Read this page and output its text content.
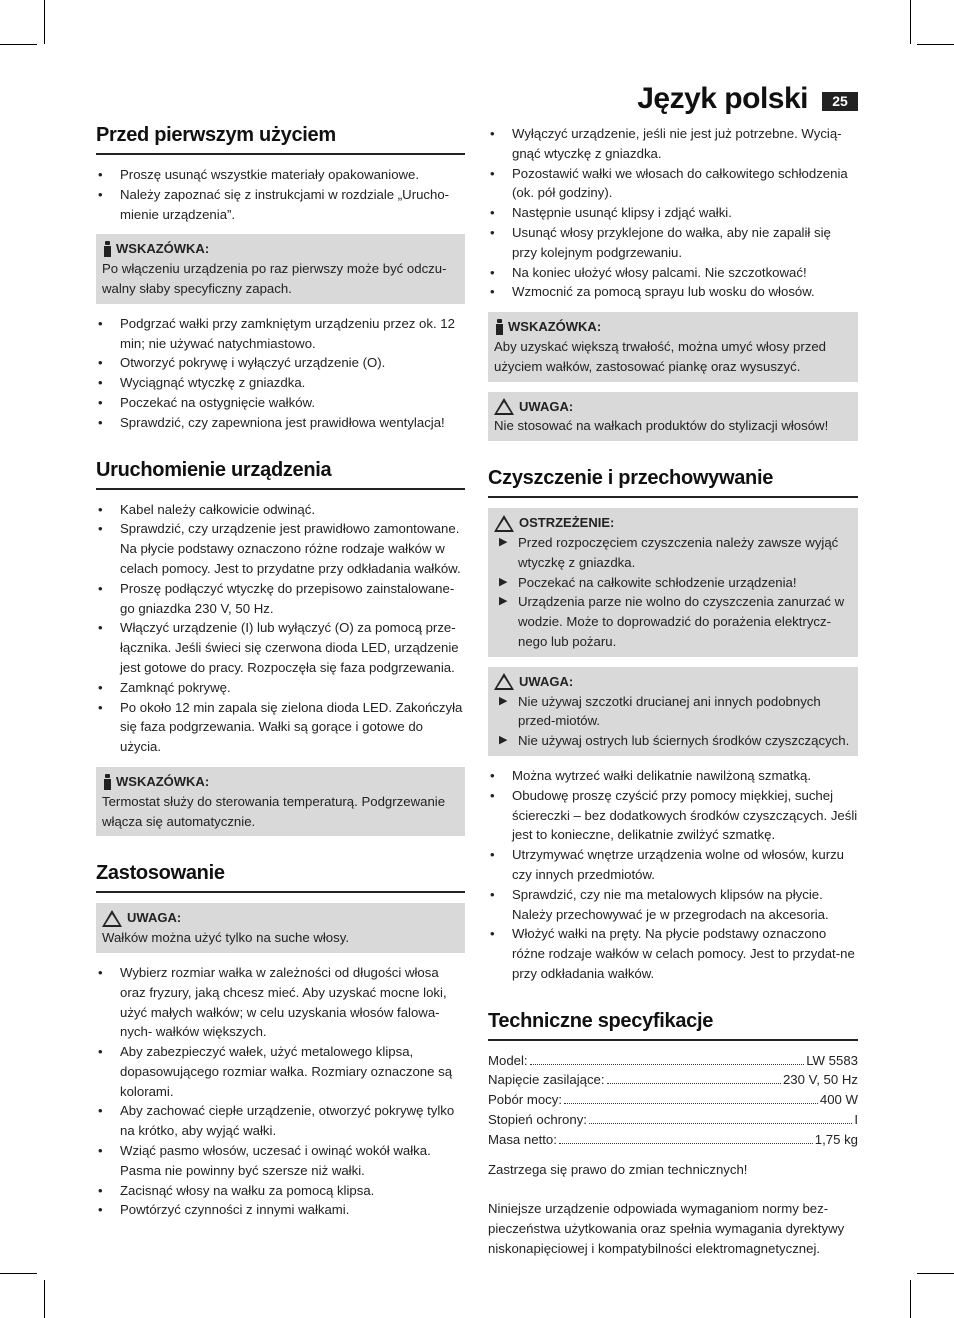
Język polski	25
Przed pierwszym użyciem
• Proszę usunąć wszystkie materiały opakowaniowe.
• Należy zapoznać się z instrukcjami w rozdziale „Urucho-mienie urządzenia”.
WSKAZÓWKA:
Po włączeniu urządzenia po raz pierwszy może być odczu-walny słaby specyficzny zapach.
• Podgrzać wałki przy zamkniętym urządzeniu przez ok. 12 min; nie używać natychmiastowo.
• Otworzyć pokrywę i wyłączyć urządzenie (O).
• Wyciągnąć wtyczkę z gniazdka.
• Poczekać na ostygnięcie wałków.
• Sprawdzić, czy zapewniona jest prawidłowa wentylacja!
Uruchomienie urządzenia
• Kabel należy całkowicie odwinąć.
• Sprawdzić, czy urządzenie jest prawidłowo zamontowane. Na płycie podstawy oznaczono różne rodzaje wałków w celach pomocy. Jest to przydatne przy odkładania wałków.
• Proszę podłączyć wtyczkę do przepisowo zainstalowane-go gniazdka 230 V, 50 Hz.
• Włączyć urządzenie (I) lub wyłączyć (O) za pomocą prze-łącznika. Jeśli świeci się czerwona dioda LED, urządzenie jest gotowe do pracy. Rozpoczęła się faza podgrzewania.
• Zamknąć pokrywę.
• Po około 12 min zapala się zielona dioda LED. Zakończyła się faza podgrzewania. Wałki są gorące i gotowe do użycia.
WSKAZÓWKA:
Termostat służy do sterowania temperaturą. Podgrzewanie włącza się automatycznie.
Zastosowanie
UWAGA:
Wałków można użyć tylko na suche włosy.
• Wybierz rozmiar wałka w zależności od długości włosa oraz fryzury, jaką chcesz mieć. Aby uzyskać mocne loki, użyć małych wałków; w celu uzyskania włosów falowa-nych- wałków większych.
• Aby zabezpieczyć wałek, użyć metalowego klipsa, dopasowującego rozmiar wałka. Rozmiary oznaczone są kolorami.
• Aby zachować ciepłe urządzenie, otworzyć pokrywę tylko na krótko, aby wyjąć wałki.
• Wziąć pasmo włosów, uczesać i owinąć wokół wałka. Pasma nie powinny być szersze niż wałki.
• Zacisnąć włosy na wałku za pomocą klipsa.
• Powtórzyć czynności z innymi wałkami.
• Wyłączyć urządzenie, jeśli nie jest już potrzebne. Wycią-gnąć wtyczkę z gniazdka.
• Pozostawić wałki we włosach do całkowitego schłodzenia (ok. pół godziny).
• Następnie usunąć klipsy i zdjąć wałki.
• Usunąć włosy przyklejone do wałka, aby nie zapalił się przy kolejnym podgrzewaniu.
• Na koniec ułożyć włosy palcami. Nie szczotkować!
• Wzmocnić za pomocą sprayu lub wosku do włosów.
WSKAZÓWKA:
Aby uzyskać większą trwałość, można umyć włosy przed użyciem wałków, zastosować piankę oraz wysuszyć.
UWAGA:
Nie stosować na wałkach produktów do stylizacji włosów!
Czyszczenie i przechowywanie
OSTRZEŻENIE:
▶ Przed rozpoczęciem czyszczenia należy zawsze wyjąć wtyczkę z gniazdka.
▶ Poczekać na całkowite schłodzenie urządzenia!
▶ Urządzenia parze nie wolno do czyszczenia zanurzać w wodzie. Może to doprowadzić do porażenia elektrycz-nego lub pożaru.
UWAGA:
▶ Nie używaj szczotki drucianej ani innych podobnych przed-miotów.
▶ Nie używaj ostrych lub ściernych środków czyszczących.
• Można wytrzeć wałki delikatnie nawilżoną szmatką.
• Obudowę proszę czyścić przy pomocy miękkiej, suchej ściereczki – bez dodatkowych środków czyszczących. Jeśli jest to konieczne, delikatnie zwilżyć szmatkę.
• Utrzymywać wnętrze urządzenia wolne od włosów, kurzu czy innych przedmiotów.
• Sprawdzić, czy nie ma metalowych klipsów na płycie. Należy przechowywać je w przegrodach na akcesoria.
• Włożyć wałki na pręty. Na płycie podstawy oznaczono różne rodzaje wałków w celach pomocy. Jest to przydat-ne przy odkładania wałków.
Techniczne specyfikacje
Model:	LW 5583
Napięcie zasilające:	230 V, 50 Hz
Pobór mocy:	400 W
Stopień ochrony:	I
Masa netto:	1,75 kg
Zastrzega się prawo do zmian technicznych!
Niniejsze urządzenie odpowiada wymaganiom normy bez-pieczeństwa użytkowania oraz spełnia wymagania dyrektywy niskonapięciowej i kompatybilności elektromagnetycznej.
